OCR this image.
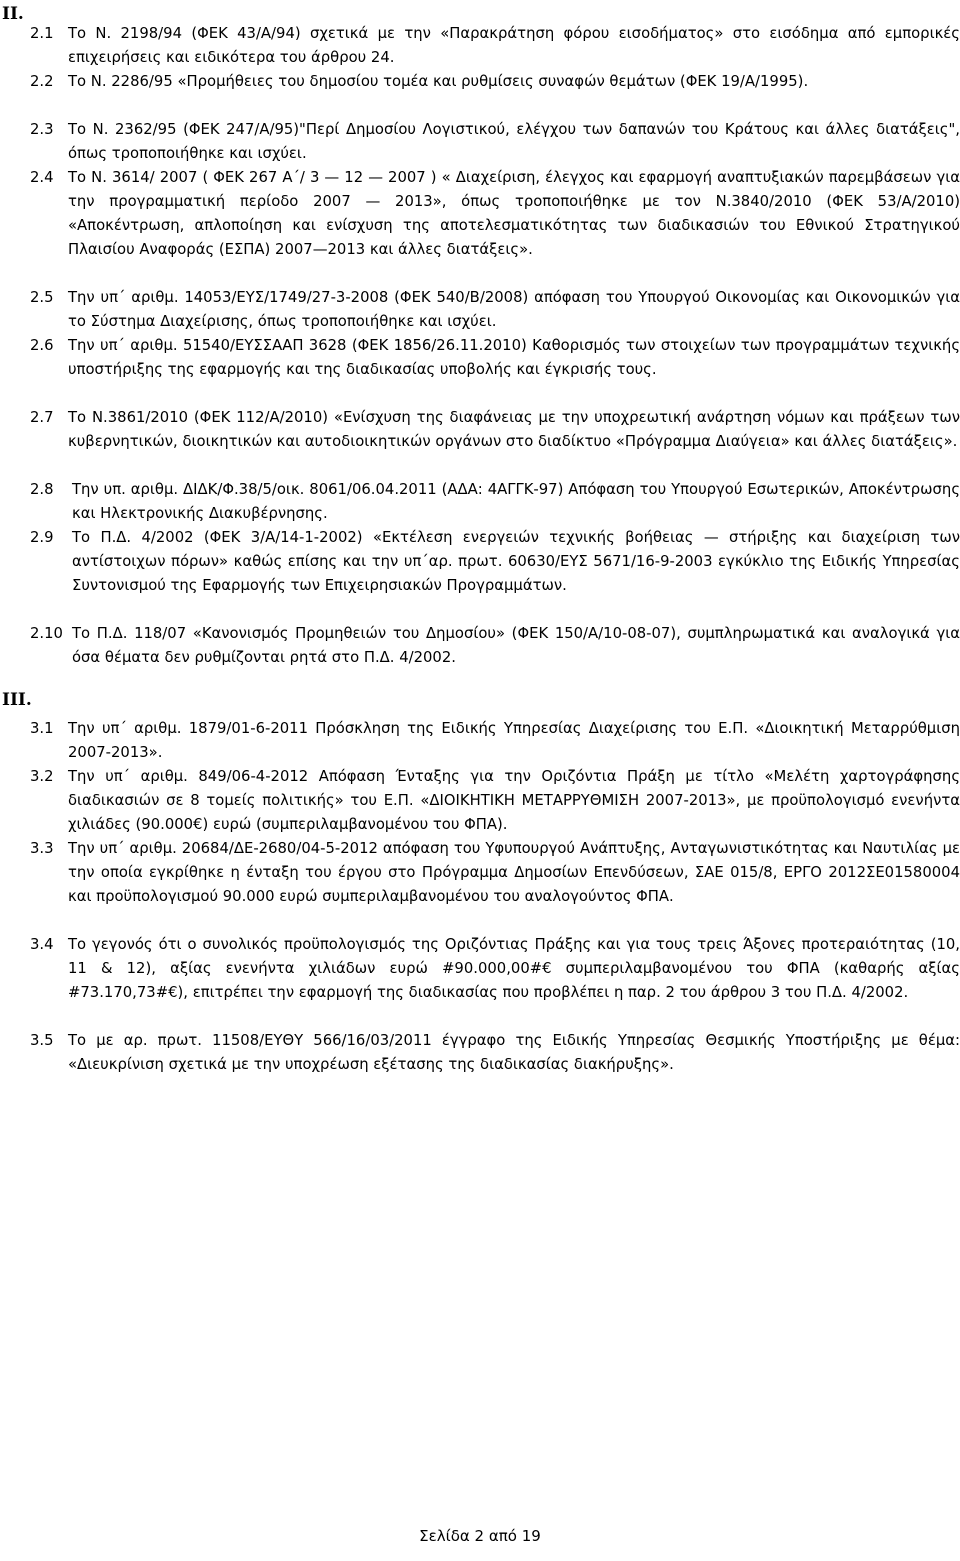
II.
2.1 Το Ν. 2198/94 (ΦΕΚ 43/Α/94) σχετικά με την «Παρακράτηση φόρου εισοδήματος» στο εισόδημα από εμπορικές επιχειρήσεις και ειδικότερα του άρθρου 24.
2.2 Το Ν. 2286/95 «Προμήθειες του δημοσίου τομέα και ρυθμίσεις συναφών θεμάτων (ΦΕΚ 19/Α/1995).
2.3 Το Ν. 2362/95 (ΦΕΚ 247/Α/95)"Περί Δημοσίου Λογιστικού, ελέγχου των δαπανών του Κράτους και άλλες διατάξεις", όπως τροποποιήθηκε και ισχύει.
2.4 Το Ν. 3614/ 2007 ( ΦΕΚ 267 Α΄/ 3 — 12 — 2007 ) « Διαχείριση, έλεγχος και εφαρμογή αναπτυξιακών παρεμβάσεων για την προγραμματική περίοδο 2007 — 2013», όπως τροποποιήθηκε με τον Ν.3840/2010 (ΦΕΚ 53/Α/2010) «Αποκέντρωση, απλοποίηση και ενίσχυση της αποτελεσματικότητας των διαδικασιών του Εθνικού Στρατηγικού Πλαισίου Αναφοράς (ΕΣΠΑ) 2007—2013 και άλλες διατάξεις».
2.5 Την υπ΄ αριθμ. 14053/ΕΥΣ/1749/27-3-2008 (ΦΕΚ 540/Β/2008) απόφαση του Υπουργού Οικονομίας και Οικονομικών για το Σύστημα Διαχείρισης, όπως τροποποιήθηκε και ισχύει.
2.6 Την υπ΄ αριθμ. 51540/ΕΥΣΣΑΑΠ 3628 (ΦΕΚ 1856/26.11.2010) Καθορισμός των στοιχείων των προγραμμάτων τεχνικής υποστήριξης της εφαρμογής και της διαδικασίας υποβολής και έγκρισής τους.
2.7 Το Ν.3861/2010 (ΦΕΚ 112/Α/2010) «Ενίσχυση της διαφάνειας με την υποχρεωτική ανάρτηση νόμων και πράξεων των κυβερνητικών, διοικητικών και αυτοδιοικητικών οργάνων στο διαδίκτυο «Πρόγραμμα Διαύγεια» και άλλες διατάξεις».
2.8	Την υπ. αριθμ. ΔΙΔΚ/Φ.38/5/οικ. 8061/06.04.2011 (ΑΔΑ: 4ΑΓΓΚ-97) Απόφαση του Υπουργού Εσωτερικών, Αποκέντρωσης και Ηλεκτρονικής Διακυβέρνησης.
2.9	Το Π.Δ. 4/2002 (ΦΕΚ 3/Α/14-1-2002) «Εκτέλεση ενεργειών τεχνικής βοήθειας — στήριξης και διαχείριση των αντίστοιχων πόρων» καθώς επίσης και την υπ΄αρ. πρωτ. 60630/ΕΥΣ 5671/16-9-2003 εγκύκλιο της Ειδικής Υπηρεσίας Συντονισμού της Εφαρμογής των Επιχειρησιακών Προγραμμάτων.
2.10 Το Π.Δ. 118/07 «Κανονισμός Προμηθειών του Δημοσίου» (ΦΕΚ 150/Α/10-08-07), συμπληρωματικά και αναλογικά για όσα θέματα δεν ρυθμίζονται ρητά στο Π.Δ. 4/2002.
III.
3.1 Την υπ΄ αριθμ. 1879/01-6-2011 Πρόσκληση της Ειδικής Υπηρεσίας Διαχείρισης του Ε.Π. «Διοικητική Μεταρρύθμιση 2007-2013».
3.2 Την υπ΄ αριθμ. 849/06-4-2012 Απόφαση Ένταξης για την Οριζόντια Πράξη με τίτλο «Μελέτη χαρτογράφησης διαδικασιών σε 8 τομείς πολιτικής» του Ε.Π. «ΔΙΟΙΚΗΤΙΚΗ ΜΕΤΑΡΡΥΘΜΙΣΗ 2007-2013», με προϋπολογισμό ενενήντα χιλιάδες (90.000€) ευρώ (συμπεριλαμβανομένου του ΦΠΑ).
3.3 Την υπ΄ αριθμ. 20684/ΔΕ-2680/04-5-2012 απόφαση του Υφυπουργού Ανάπτυξης, Ανταγωνιστικότητας και Ναυτιλίας με την οποία εγκρίθηκε η ένταξη του έργου στο Πρόγραμμα Δημοσίων Επενδύσεων, ΣΑΕ 015/8, ΕΡΓΟ 2012ΣΕ01580004 και προϋπολογισμού 90.000 ευρώ συμπεριλαμβανομένου του αναλογούντος ΦΠΑ.
3.4 Το γεγονός ότι ο συνολικός προϋπολογισμός της Οριζόντιας Πράξης και για τους τρεις Άξονες προτεραιότητας (10, 11 & 12), αξίας ενενήντα χιλιάδων ευρώ #90.000,00#€ συμπεριλαμβανομένου του ΦΠΑ (καθαρής αξίας #73.170,73#€), επιτρέπει την εφαρμογή της διαδικασίας που προβλέπει η παρ. 2 του άρθρου 3 του Π.Δ. 4/2002.
3.5 Το με αρ. πρωτ. 11508/ΕΥΘΥ 566/16/03/2011 έγγραφο της Ειδικής Υπηρεσίας Θεσμικής Υποστήριξης με θέμα: «Διευκρίνιση σχετικά με την υποχρέωση εξέτασης της διαδικασίας διακήρυξης».
Σελίδα 2 από 19
